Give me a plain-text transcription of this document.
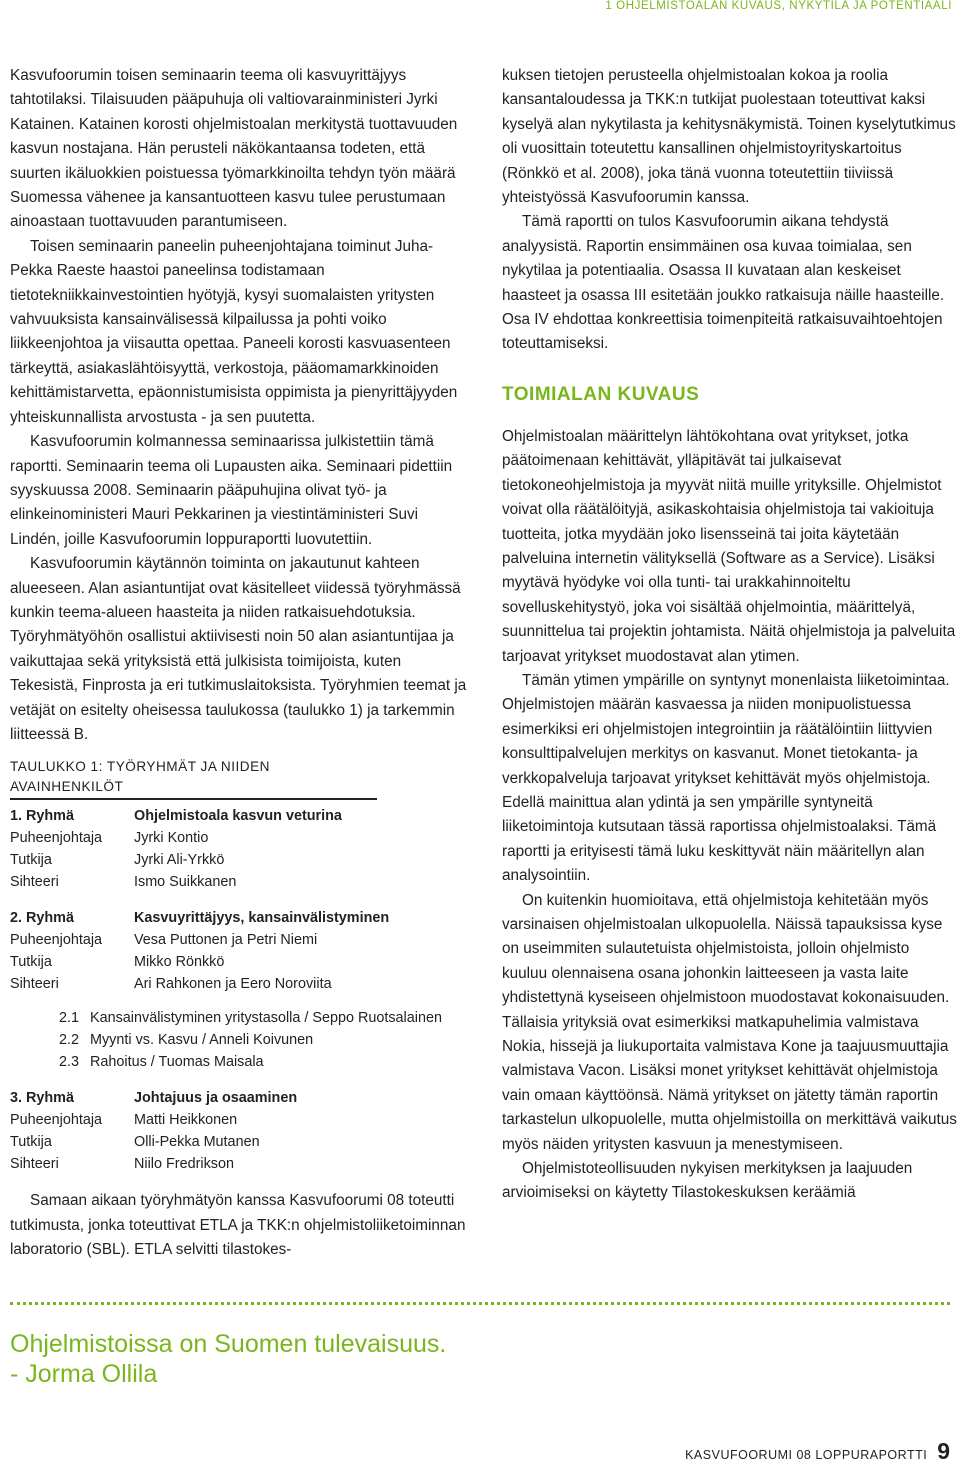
1 OHJELMISTOALAN KUVAUS, NYKYTILA JA POTENTIAALI

Kasvufoorumin toisen seminaarin teema oli kasvuyrittäjyys tahtotilaksi. Tilaisuuden pääpuhuja oli valtiovarainministeri Jyrki Katainen. Katainen korosti ohjelmistoalan merkitystä tuottavuuden kasvun nostajana. Hän perusteli näkökantaansa todeten, että suurten ikäluokkien poistuessa työmarkkinoilta tehdyn työn määrä Suomessa vähenee ja kansantuotteen kasvu tulee perustumaan ainoastaan tuottavuuden parantumiseen.

Toisen seminaarin paneelin puheenjohtajana toiminut Juha-Pekka Raeste haastoi paneelinsa todistamaan tietotekniikkainvestointien hyötyjä, kysyi suomalaisten yritysten vahvuuksista kansainvälisessä kilpailussa ja pohti voiko liikkeenjohtoa ja viisautta opettaa. Paneeli korosti kasvuasenteen tärkeyttä, asiakaslähtöisyyttä, verkostoja, pääomamarkkinoiden kehittämistarvetta, epäonnistumisista oppimista ja pienyrittäjyyden yhteiskunnallista arvostusta - ja sen puutetta.

Kasvufoorumin kolmannessa seminaarissa julkistettiin tämä raportti. Seminaarin teema oli Lupausten aika. Seminaari pidettiin syyskuussa 2008. Seminaarin pääpuhujina olivat työ- ja elinkeinoministeri Mauri Pekkarinen ja viestintäministeri Suvi Lindén, joille Kasvufoorumin loppuraportti luovutettiin.

Kasvufoorumin käytännön toiminta on jakautunut kahteen alueeseen. Alan asiantuntijat ovat käsitelleet viidessä työryhmässä kunkin teema-alueen haasteita ja niiden ratkaisuehdotuksia. Työryhmätyöhön osallistui aktiivisesti noin 50 alan asiantuntijaa ja vaikuttajaa sekä yrityksistä että julkisista toimijoista, kuten Tekesistä, Finprosta ja eri tutkimuslaitoksista. Työryhmien teemat ja vetäjät on esitelty oheisessa taulukossa (taulukko 1) ja tarkemmin liitteessä B.

TAULUKKO 1: TYÖRYHMÄT JA NIIDEN AVAINHENKILÖT
1. Ryhmä	Ohjelmistoala kasvun veturina
Puheenjohtaja	Jyrki Kontio
Tutkija	Jyrki Ali-Yrkkö
Sihteeri	Ismo Suikkanen
2. Ryhmä	Kasvuyrittäjyys, kansainvälistyminen
Puheenjohtaja	Vesa Puttonen ja Petri Niemi
Tutkija	Mikko Rönkkö
Sihteeri	Ari Rahkonen ja Eero Noroviita
2.1 Kansainvälistyminen yritystasolla / Seppo Ruotsalainen
2.2 Myynti vs. Kasvu / Anneli Koivunen
2.3 Rahoitus / Tuomas Maisala
3. Ryhmä	Johtajuus ja osaaminen
Puheenjohtaja	Matti Heikkonen
Tutkija	Olli-Pekka Mutanen
Sihteeri	Niilo Fredrikson

Samaan aikaan työryhmätyön kanssa Kasvufoorumi 08 toteutti tutkimusta, jonka toteuttivat ETLA ja TKK:n ohjelmistoliiketoiminnan laboratorio (SBL). ETLA selvitti tilastokes-

kuksen tietojen perusteella ohjelmistoalan kokoa ja roolia kansantaloudessa ja TKK:n tutkijat puolestaan toteuttivat kaksi kyselyä alan nykytilasta ja kehitysnäkymistä. Toinen kyselytutkimus oli vuosittain toteutettu kansallinen ohjelmistoyrityskartoitus (Rönkkö et al. 2008), joka tänä vuonna toteutettiin tiiviissä yhteistyössä Kasvufoorumin kanssa.

Tämä raportti on tulos Kasvufoorumin aikana tehdystä analyysistä. Raportin ensimmäinen osa kuvaa toimialaa, sen nykytilaa ja potentiaalia. Osassa II kuvataan alan keskeiset haasteet ja osassa III esitetään joukko ratkaisuja näille haasteille. Osa IV ehdottaa konkreettisia toimenpiteitä ratkaisuvaihtoehtojen toteuttamiseksi.

TOIMIALAN KUVAUS

Ohjelmistoalan määrittelyn lähtökohtana ovat yritykset, jotka päätoimenaan kehittävät, ylläpitävät tai julkaisevat tietokoneohjelmistoja ja myyvät niitä muille yrityksille. Ohjelmistot voivat olla räätälöityjä, asikaskohtaisia ohjelmistoja tai vakioituja tuotteita, jotka myydään joko lisensseinä tai joita käytetään palveluina internetin välityksellä (Software as a Service). Lisäksi myytävä hyödyke voi olla tunti- tai urakkahinnoiteltu sovelluskehitystyö, joka voi sisältää ohjelmointia, määrittelyä, suunnittelua tai projektin johtamista. Näitä ohjelmistoja ja palveluita tarjoavat yritykset muodostavat alan ytimen.

Tämän ytimen ympärille on syntynyt monenlaista liiketoimintaa. Ohjelmistojen määrän kasvaessa ja niiden monipuolistuessa esimerkiksi eri ohjelmistojen integrointiin ja räätälöintiin liittyvien konsulttipalvelujen merkitys on kasvanut. Monet tietokanta- ja verkkopalveluja tarjoavat yritykset kehittävät myös ohjelmistoja. Edellä mainittua alan ydintä ja sen ympärille syntyneitä liiketoimintoja kutsutaan tässä raportissa ohjelmistoalaksi. Tämä raportti ja erityisesti tämä luku keskittyvät näin määritellyn alan analysointiin.

On kuitenkin huomioitava, että ohjelmistoja kehitetään myös varsinaisen ohjelmistoalan ulkopuolella. Näissä tapauksissa kyse on useimmiten sulautetuista ohjelmistoista, jolloin ohjelmisto kuuluu olennaisena osana johonkin laitteeseen ja vasta laite yhdistettynä kyseiseen ohjelmistoon muodostavat kokonaisuuden. Tällaisia yrityksiä ovat esimerkiksi matkapuhelimia valmistava Nokia, hissejä ja liukuportaita valmistava Kone ja taajuusmuuttajia valmistava Vacon. Lisäksi monet yritykset kehittävät ohjelmistoja vain omaan käyttöönsä. Nämä yritykset on jätetty tämän raportin tarkastelun ulkopuolelle, mutta ohjelmistoilla on merkittävä vaikutus myös näiden yritysten kasvuun ja menestymiseen.

Ohjelmistoteollisuuden nykyisen merkityksen ja laajuuden arvioimiseksi on käytetty Tilastokeskuksen keräämiä

Ohjelmistoissa on Suomen tulevaisuus.
- Jorma Ollila
KASVUFOORUMI 08 LOPPURAPORTTI 9
